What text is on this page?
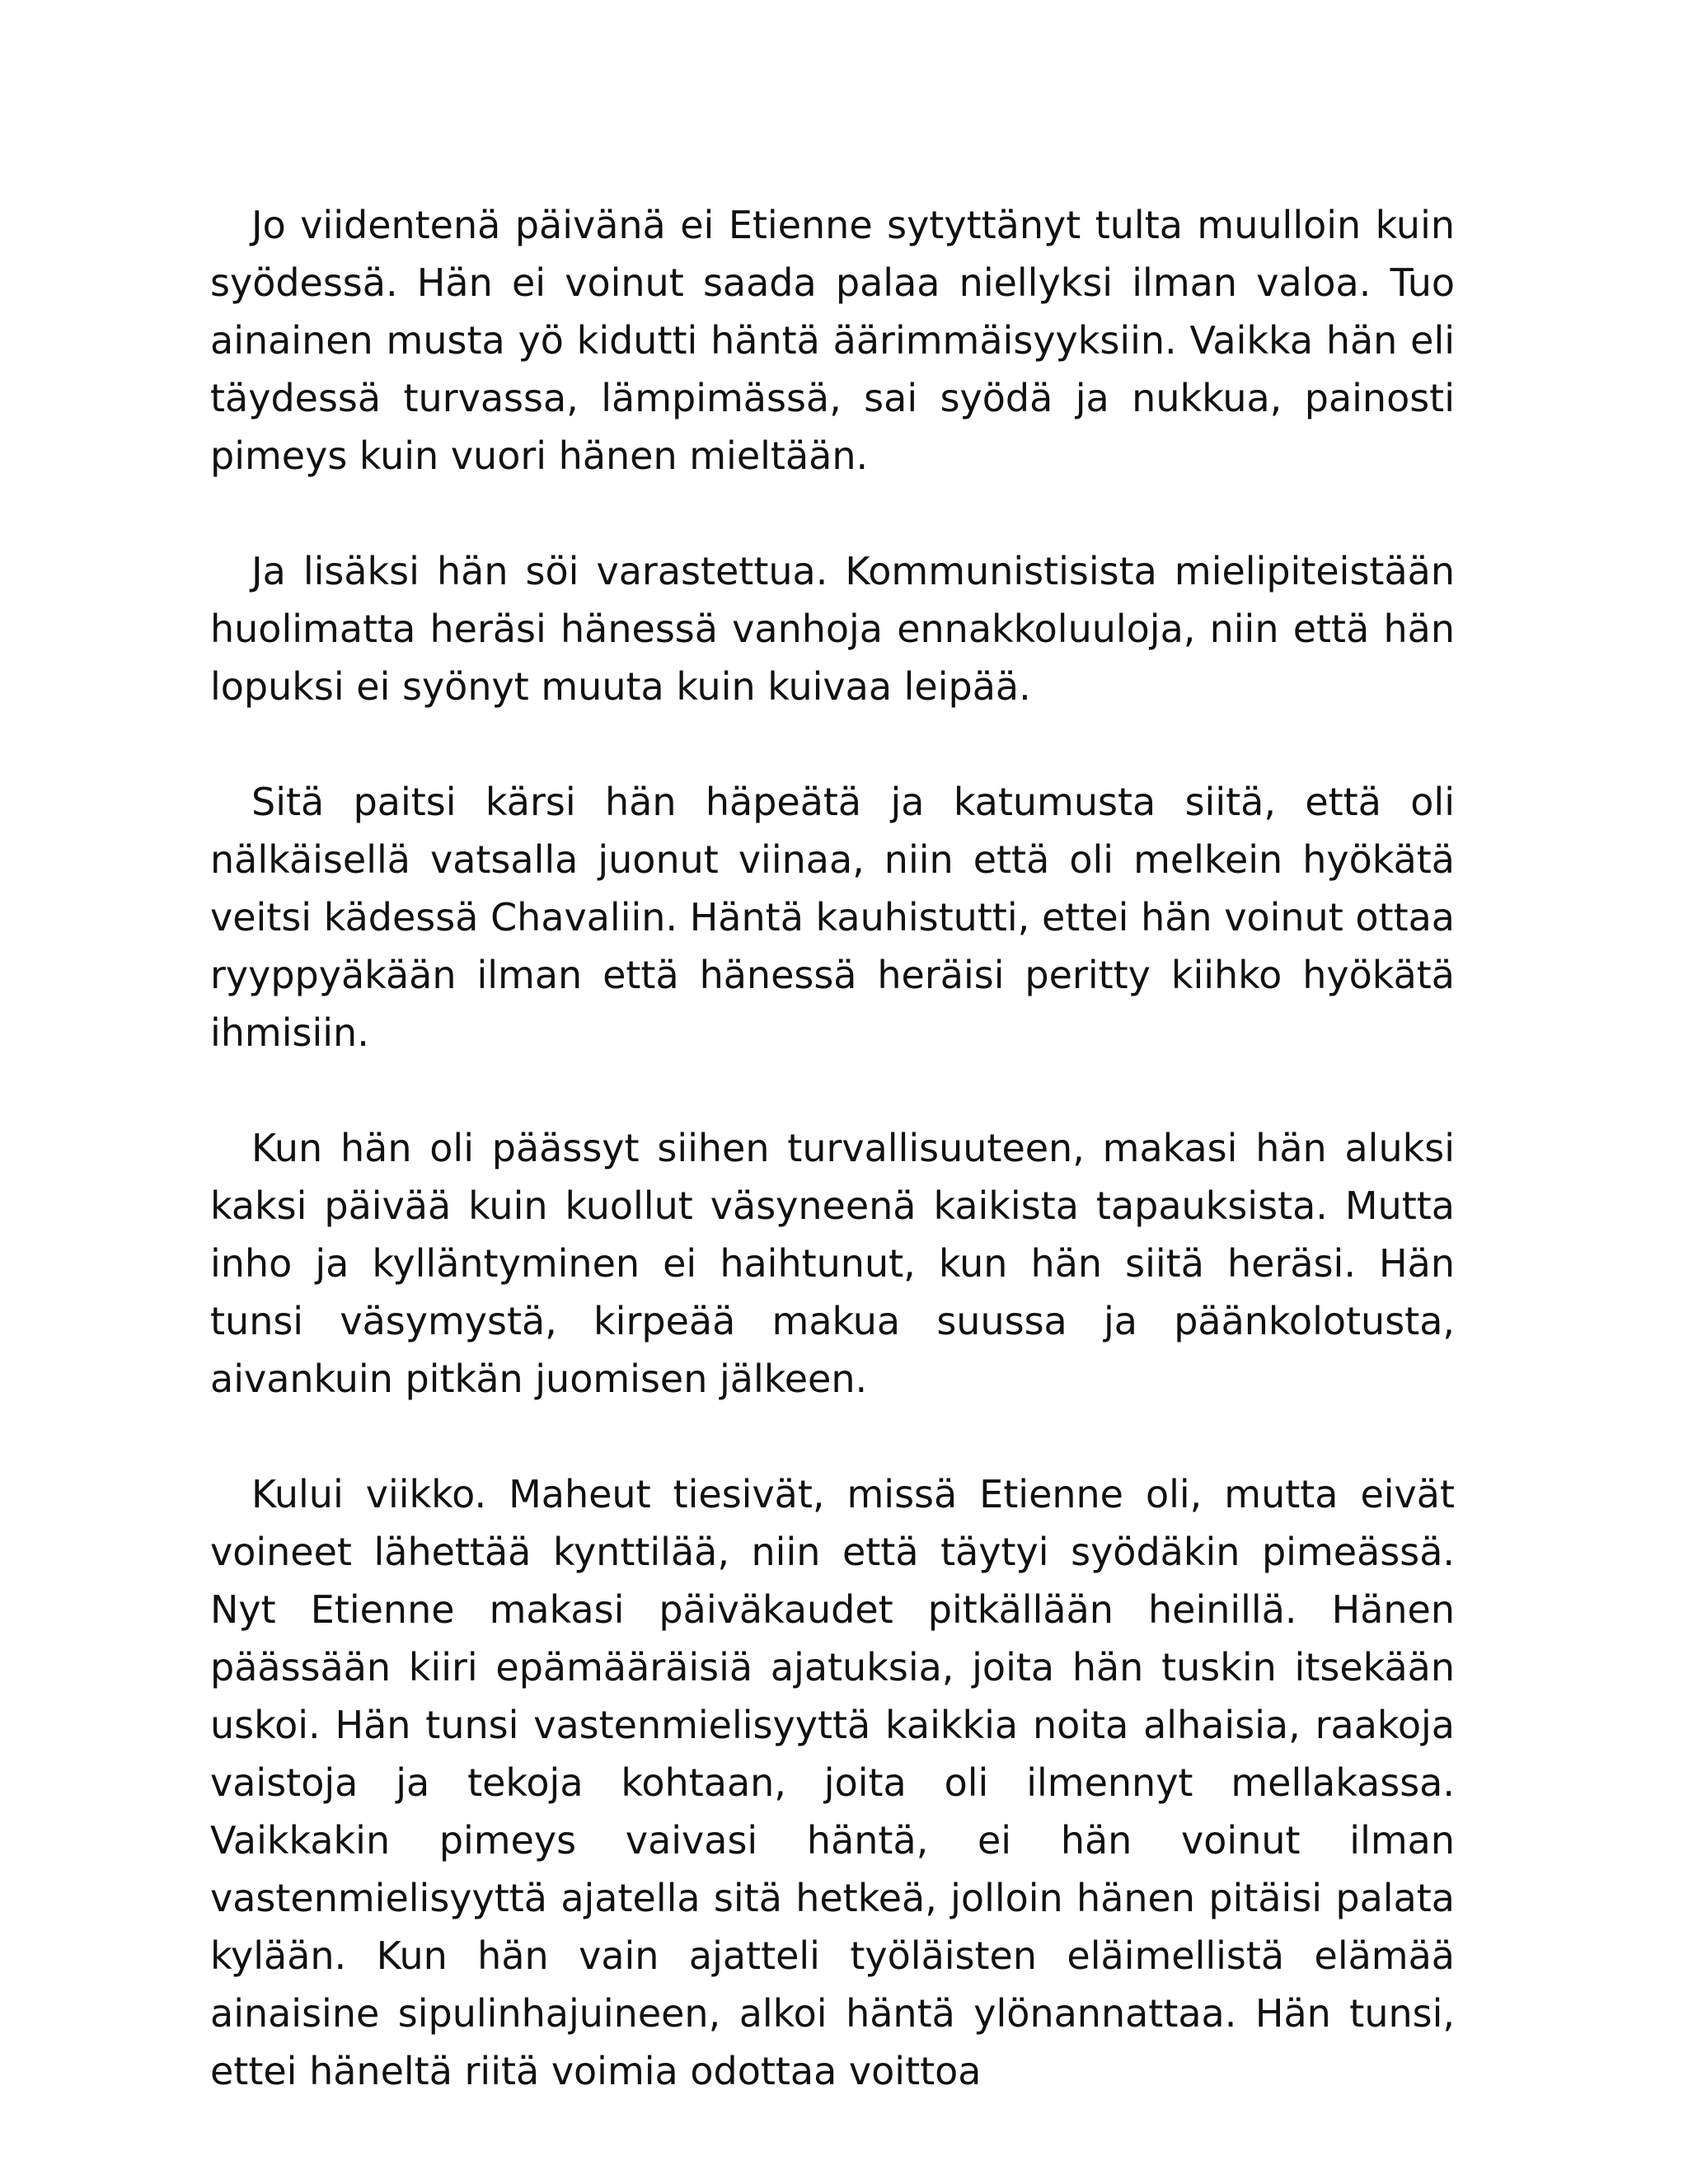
Jo viidentenä päivänä ei Etienne sytyttänyt tulta muulloin kuin syödessä. Hän ei voinut saada palaa niellyksi ilman valoa. Tuo ainainen musta yö kidutti häntä äärimmäisyyksiin. Vaikka hän eli täydessä turvassa, lämpimässä, sai syödä ja nukkua, painosti pimeys kuin vuori hänen mieltään.

Ja lisäksi hän söi varastettua. Kommunistisista mielipiteistään huolimatta heräsi hänessä vanhoja ennakkoluuloja, niin että hän lopuksi ei syönyt muuta kuin kuivaa leipää.

Sitä paitsi kärsi hän häpeätä ja katumusta siitä, että oli nälkäisellä vatsalla juonut viinaa, niin että oli melkein hyökätä veitsi kädessä Chavaliin. Häntä kauhistutti, ettei hän voinut ottaa ryyppyäkään ilman että hänessä heräisi peritty kiihko hyökätä ihmisiin.

Kun hän oli päässyt siihen turvallisuuteen, makasi hän aluksi kaksi päivää kuin kuollut väsyneenä kaikista tapauksista. Mutta inho ja kylläntyminen ei haihtunut, kun hän siitä heräsi. Hän tunsi väsymystä, kirpeää makua suussa ja päänkolotusta, aivankuin pitkän juomisen jälkeen.

Kului viikko. Maheut tiesivät, missä Etienne oli, mutta eivät voineet lähettää kynttilää, niin että täytyi syödäkin pimeässä. Nyt Etienne makasi päiväkaudet pitkällään heinillä. Hänen päässään kiiri epämääräisiä ajatuksia, joita hän tuskin itsekään uskoi. Hän tunsi vastenmielisyyttä kaikkia noita alhaisia, raakoja vaistoja ja tekoja kohtaan, joita oli ilmennyt mellakassa. Vaikkakin pimeys vaivasi häntä, ei hän voinut ilman vastenmielisyyttä ajatella sitä hetkeä, jolloin hänen pitäisi palata kylään. Kun hän vain ajatteli työläisten eläimellistä elämää ainaisine sipulinhajuineen, alkoi häntä ylönannattaa. Hän tunsi, ettei häneltä riitä voimia odottaa voittoa
